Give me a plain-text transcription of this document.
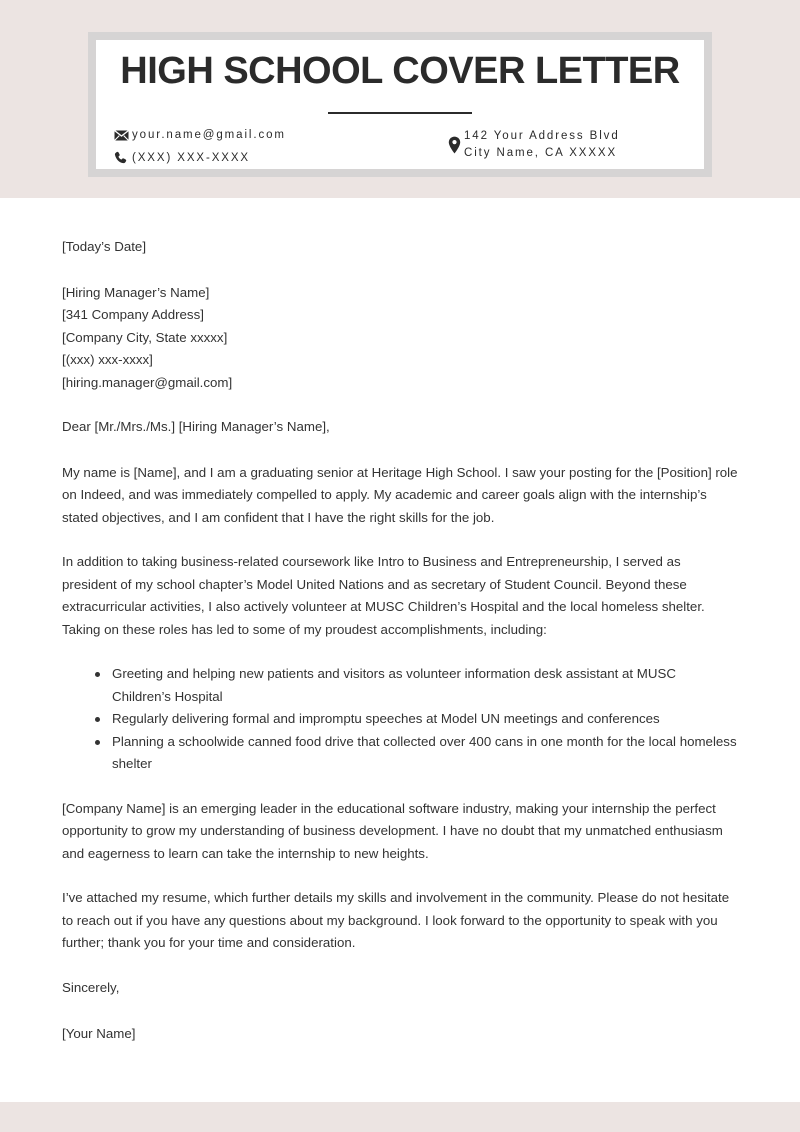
HIGH SCHOOL COVER LETTER
your.name@gmail.com
(XXX) XXX-XXXX
142 Your Address Blvd
City Name, CA XXXXX

[Today’s Date]

[Hiring Manager’s Name]
[341 Company Address]
[Company City, State xxxxx]
[(xxx) xxx-xxxx]
[hiring.manager@gmail.com]

Dear [Mr./Mrs./Ms.] [Hiring Manager’s Name],

My name is [Name], and I am a graduating senior at Heritage High School. I saw your posting for the [Position] role on Indeed, and was immediately compelled to apply. My academic and career goals align with the internship’s stated objectives, and I am confident that I have the right skills for the job.

In addition to taking business-related coursework like Intro to Business and Entrepreneurship, I served as president of my school chapter’s Model United Nations and as secretary of Student Council. Beyond these extracurricular activities, I also actively volunteer at MUSC Children’s Hospital and the local homeless shelter. Taking on these roles has led to some of my proudest accomplishments, including:

Greeting and helping new patients and visitors as volunteer information desk assistant at MUSC Children’s Hospital
Regularly delivering formal and impromptu speeches at Model UN meetings and conferences
Planning a schoolwide canned food drive that collected over 400 cans in one month for the local homeless shelter

[Company Name] is an emerging leader in the educational software industry, making your internship the perfect opportunity to grow my understanding of business development. I have no doubt that my unmatched enthusiasm and eagerness to learn can take the internship to new heights.

I’ve attached my resume, which further details my skills and involvement in the community. Please do not hesitate to reach out if you have any questions about my background. I look forward to the opportunity to speak with you further; thank you for your time and consideration.

Sincerely,

[Your Name]
